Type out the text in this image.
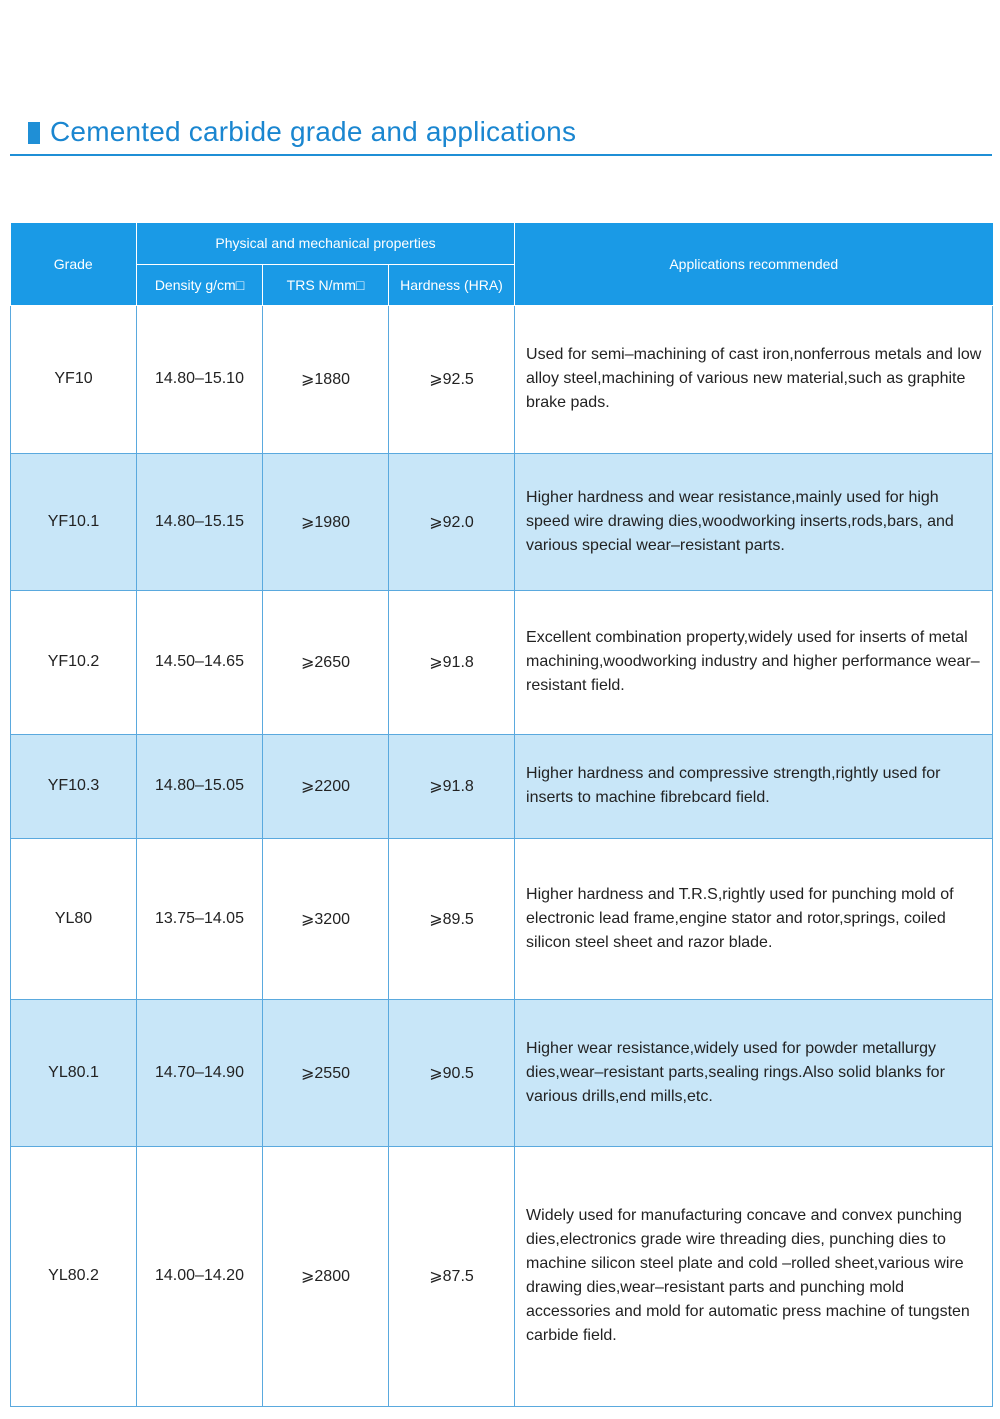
Cemented carbide grade and applications
Grade	Physical and mechanical properties			Applications recommended
	Density g/cm□	TRS N/mm□	Hardness (HRA)	
YF10	14.80–15.10	⩾1880	⩾92.5	Used for semi–machining of cast iron,nonferrous metals and low alloy steel,machining of various new material,such as graphite brake pads.
YF10.1	14.80–15.15	⩾1980	⩾92.0	Higher hardness and wear resistance,mainly used for high speed wire drawing dies,woodworking inserts,rods,bars, and various special wear–resistant parts.
YF10.2	14.50–14.65	⩾2650	⩾91.8	Excellent combination property,widely used for inserts of metal machining,woodworking industry and higher performance wear–resistant field.
YF10.3	14.80–15.05	⩾2200	⩾91.8	Higher hardness and compressive strength,rightly used for inserts to machine fibrebcard field.
YL80	13.75–14.05	⩾3200	⩾89.5	Higher hardness and T.R.S,rightly used for punching mold of electronic lead frame,engine stator and rotor,springs, coiled silicon steel sheet and razor blade.
YL80.1	14.70–14.90	⩾2550	⩾90.5	Higher wear resistance,widely used for powder metallurgy dies,wear–resistant parts,sealing rings.Also solid blanks for various drills,end mills,etc.
YL80.2	14.00–14.20	⩾2800	⩾87.5	Widely used for manufacturing concave and convex punching dies,electronics grade wire threading dies, punching dies to machine silicon steel plate and cold –rolled sheet,various wire drawing dies,wear–resistant parts and punching mold accessories and mold for automatic press machine of tungsten carbide field.
